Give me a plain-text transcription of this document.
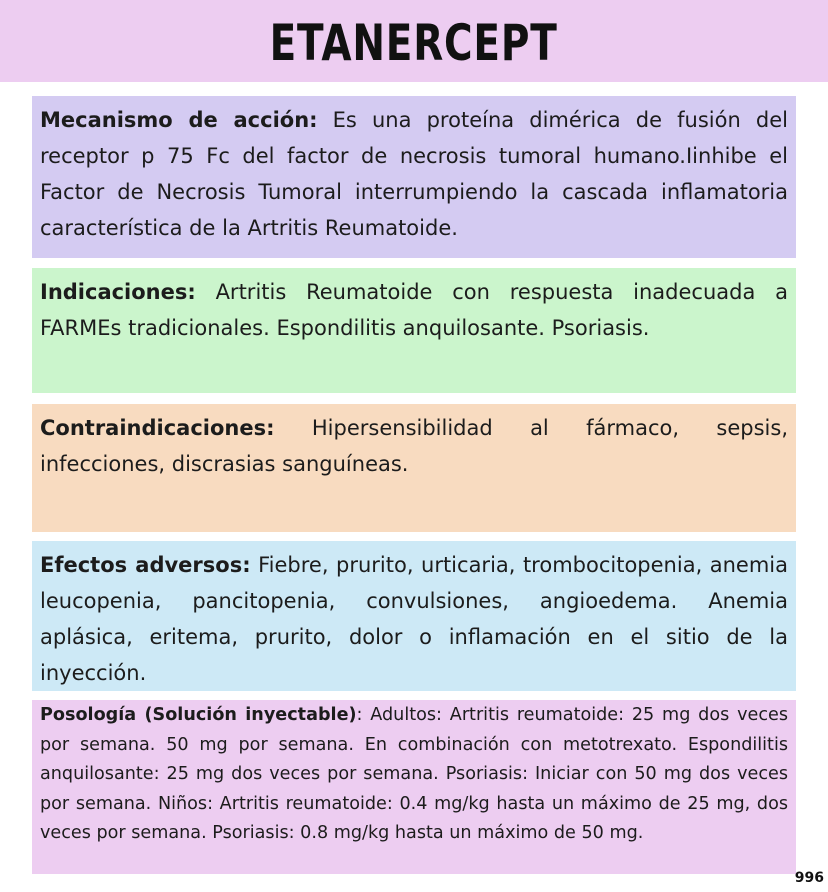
ETANERCEPT
Mecanismo de acción: Es una proteína dimérica de fusión del receptor p 75 Fc del factor de necrosis tumoral humano.Iinhibe el Factor de Necrosis Tumoral interrumpiendo la cascada inflamatoria característica de la Artritis Reumatoide.
Indicaciones: Artritis Reumatoide con respuesta inadecuada a FARMEs tradicionales. Espondilitis anquilosante. Psoriasis.
Contraindicaciones: Hipersensibilidad al fármaco, sepsis, infecciones, discrasias sanguíneas.
Efectos adversos: Fiebre, prurito, urticaria, trombocitopenia, anemia leucopenia, pancitopenia, convulsiones, angioedema. Anemia aplásica, eritema, prurito, dolor o inflamación en el sitio de la inyección.
Posología (Solución inyectable): Adultos: Artritis reumatoide: 25 mg dos veces por semana. 50 mg por semana. En combinación con metotrexato. Espondilitis anquilosante: 25 mg dos veces por semana. Psoriasis: Iniciar con 50 mg dos veces por semana. Niños: Artritis reumatoide: 0.4 mg/kg hasta un máximo de 25 mg, dos veces por semana. Psoriasis: 0.8 mg/kg hasta un máximo de 50 mg.
996
